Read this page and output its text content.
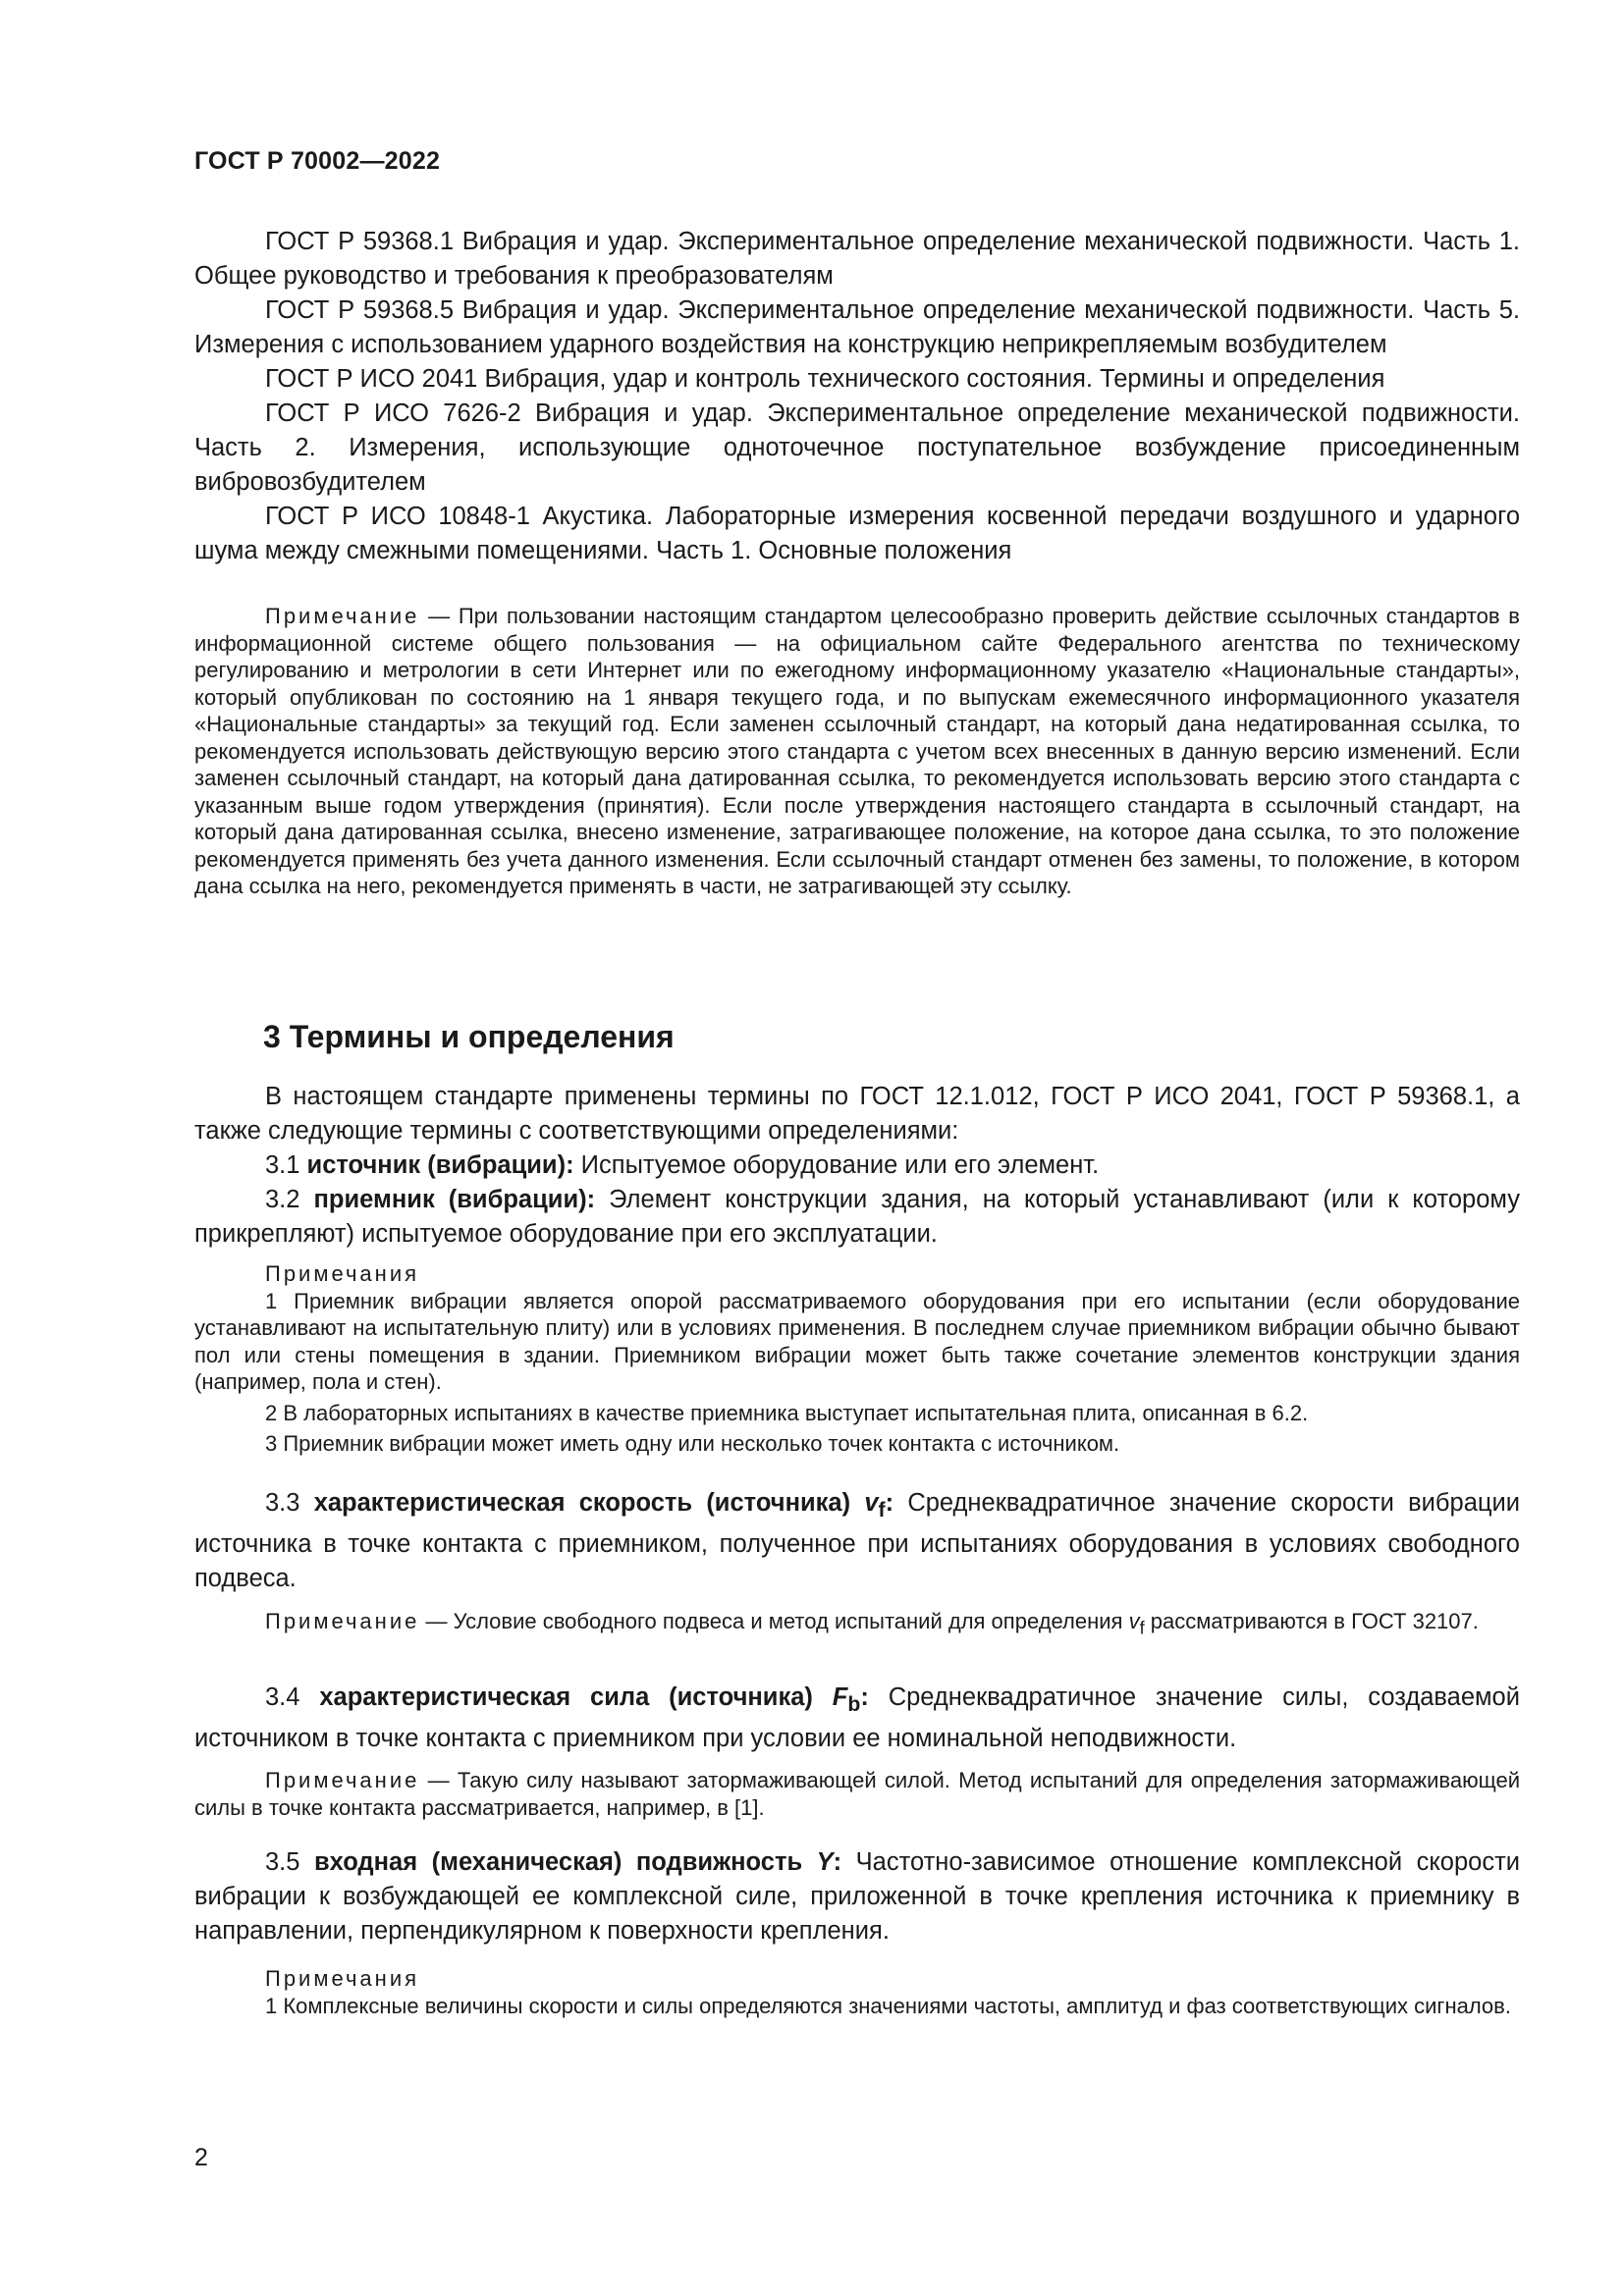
ГОСТ Р 70002—2022

ГОСТ Р 59368.1 Вибрация и удар. Экспериментальное определение механической подвижности. Часть 1. Общее руководство и требования к преобразователям

ГОСТ Р 59368.5 Вибрация и удар. Экспериментальное определение механической подвижности. Часть 5. Измерения с использованием ударного воздействия на конструкцию неприкрепляемым возбудителем

ГОСТ Р ИСО 2041 Вибрация, удар и контроль технического состояния. Термины и определения

ГОСТ Р ИСО 7626-2 Вибрация и удар. Экспериментальное определение механической подвижности. Часть 2. Измерения, использующие одноточечное поступательное возбуждение присоединенным вибровозбудителем

ГОСТ Р ИСО 10848-1 Акустика. Лабораторные измерения косвенной передачи воздушного и ударного шума между смежными помещениями. Часть 1. Основные положения

Примечание — При пользовании настоящим стандартом целесообразно проверить действие ссылочных стандартов в информационной системе общего пользования — на официальном сайте Федерального агентства по техническому регулированию и метрологии в сети Интернет или по ежегодному информационному указателю «Национальные стандарты», который опубликован по состоянию на 1 января текущего года, и по выпускам ежемесячного информационного указателя «Национальные стандарты» за текущий год. Если заменен ссылочный стандарт, на который дана недатированная ссылка, то рекомендуется использовать действующую версию этого стандарта с учетом всех внесенных в данную версию изменений. Если заменен ссылочный стандарт, на который дана датированная ссылка, то рекомендуется использовать версию этого стандарта с указанным выше годом утверждения (принятия). Если после утверждения настоящего стандарта в ссылочный стандарт, на который дана датированная ссылка, внесено изменение, затрагивающее положение, на которое дана ссылка, то это положение рекомендуется применять без учета данного изменения. Если ссылочный стандарт отменен без замены, то положение, в котором дана ссылка на него, рекомендуется применять в части, не затрагивающей эту ссылку.

3 Термины и определения

В настоящем стандарте применены термины по ГОСТ 12.1.012, ГОСТ Р ИСО 2041, ГОСТ Р 59368.1, а также следующие термины с соответствующими определениями:

3.1 источник (вибрации): Испытуемое оборудование или его элемент.

3.2 приемник (вибрации): Элемент конструкции здания, на который устанавливают (или к которому прикрепляют) испытуемое оборудование при его эксплуатации.

Примечания

1 Приемник вибрации является опорой рассматриваемого оборудования при его испытании (если оборудование устанавливают на испытательную плиту) или в условиях применения. В последнем случае приемником вибрации обычно бывают пол или стены помещения в здании. Приемником вибрации может быть также сочетание элементов конструкции здания (например, пола и стен).

2 В лабораторных испытаниях в качестве приемника выступает испытательная плита, описанная в 6.2.

3 Приемник вибрации может иметь одну или несколько точек контакта с источником.

3.3 характеристическая скорость (источника) $v_f$: Среднеквадратичное значение скорости вибрации источника в точке контакта с приемником, полученное при испытаниях оборудования в условиях свободного подвеса.

Примечание — Условие свободного подвеса и метод испытаний для определения $v_f$ рассматриваются в ГОСТ 32107.

3.4 характеристическая сила (источника) $F_b$: Среднеквадратичное значение силы, создаваемой источником в точке контакта с приемником при условии ее номинальной неподвижности.

Примечание — Такую силу называют затормаживающей силой. Метод испытаний для определения затормаживающей силы в точке контакта рассматривается, например, в [1].

3.5 входная (механическая) подвижность Y: Частотно-зависимое отношение комплексной скорости вибрации к возбуждающей ее комплексной силе, приложенной в точке крепления источника к приемнику в направлении, перпендикулярном к поверхности крепления.

Примечания

1 Комплексные величины скорости и силы определяются значениями частоты, амплитуд и фаз соответствующих сигналов.

2
